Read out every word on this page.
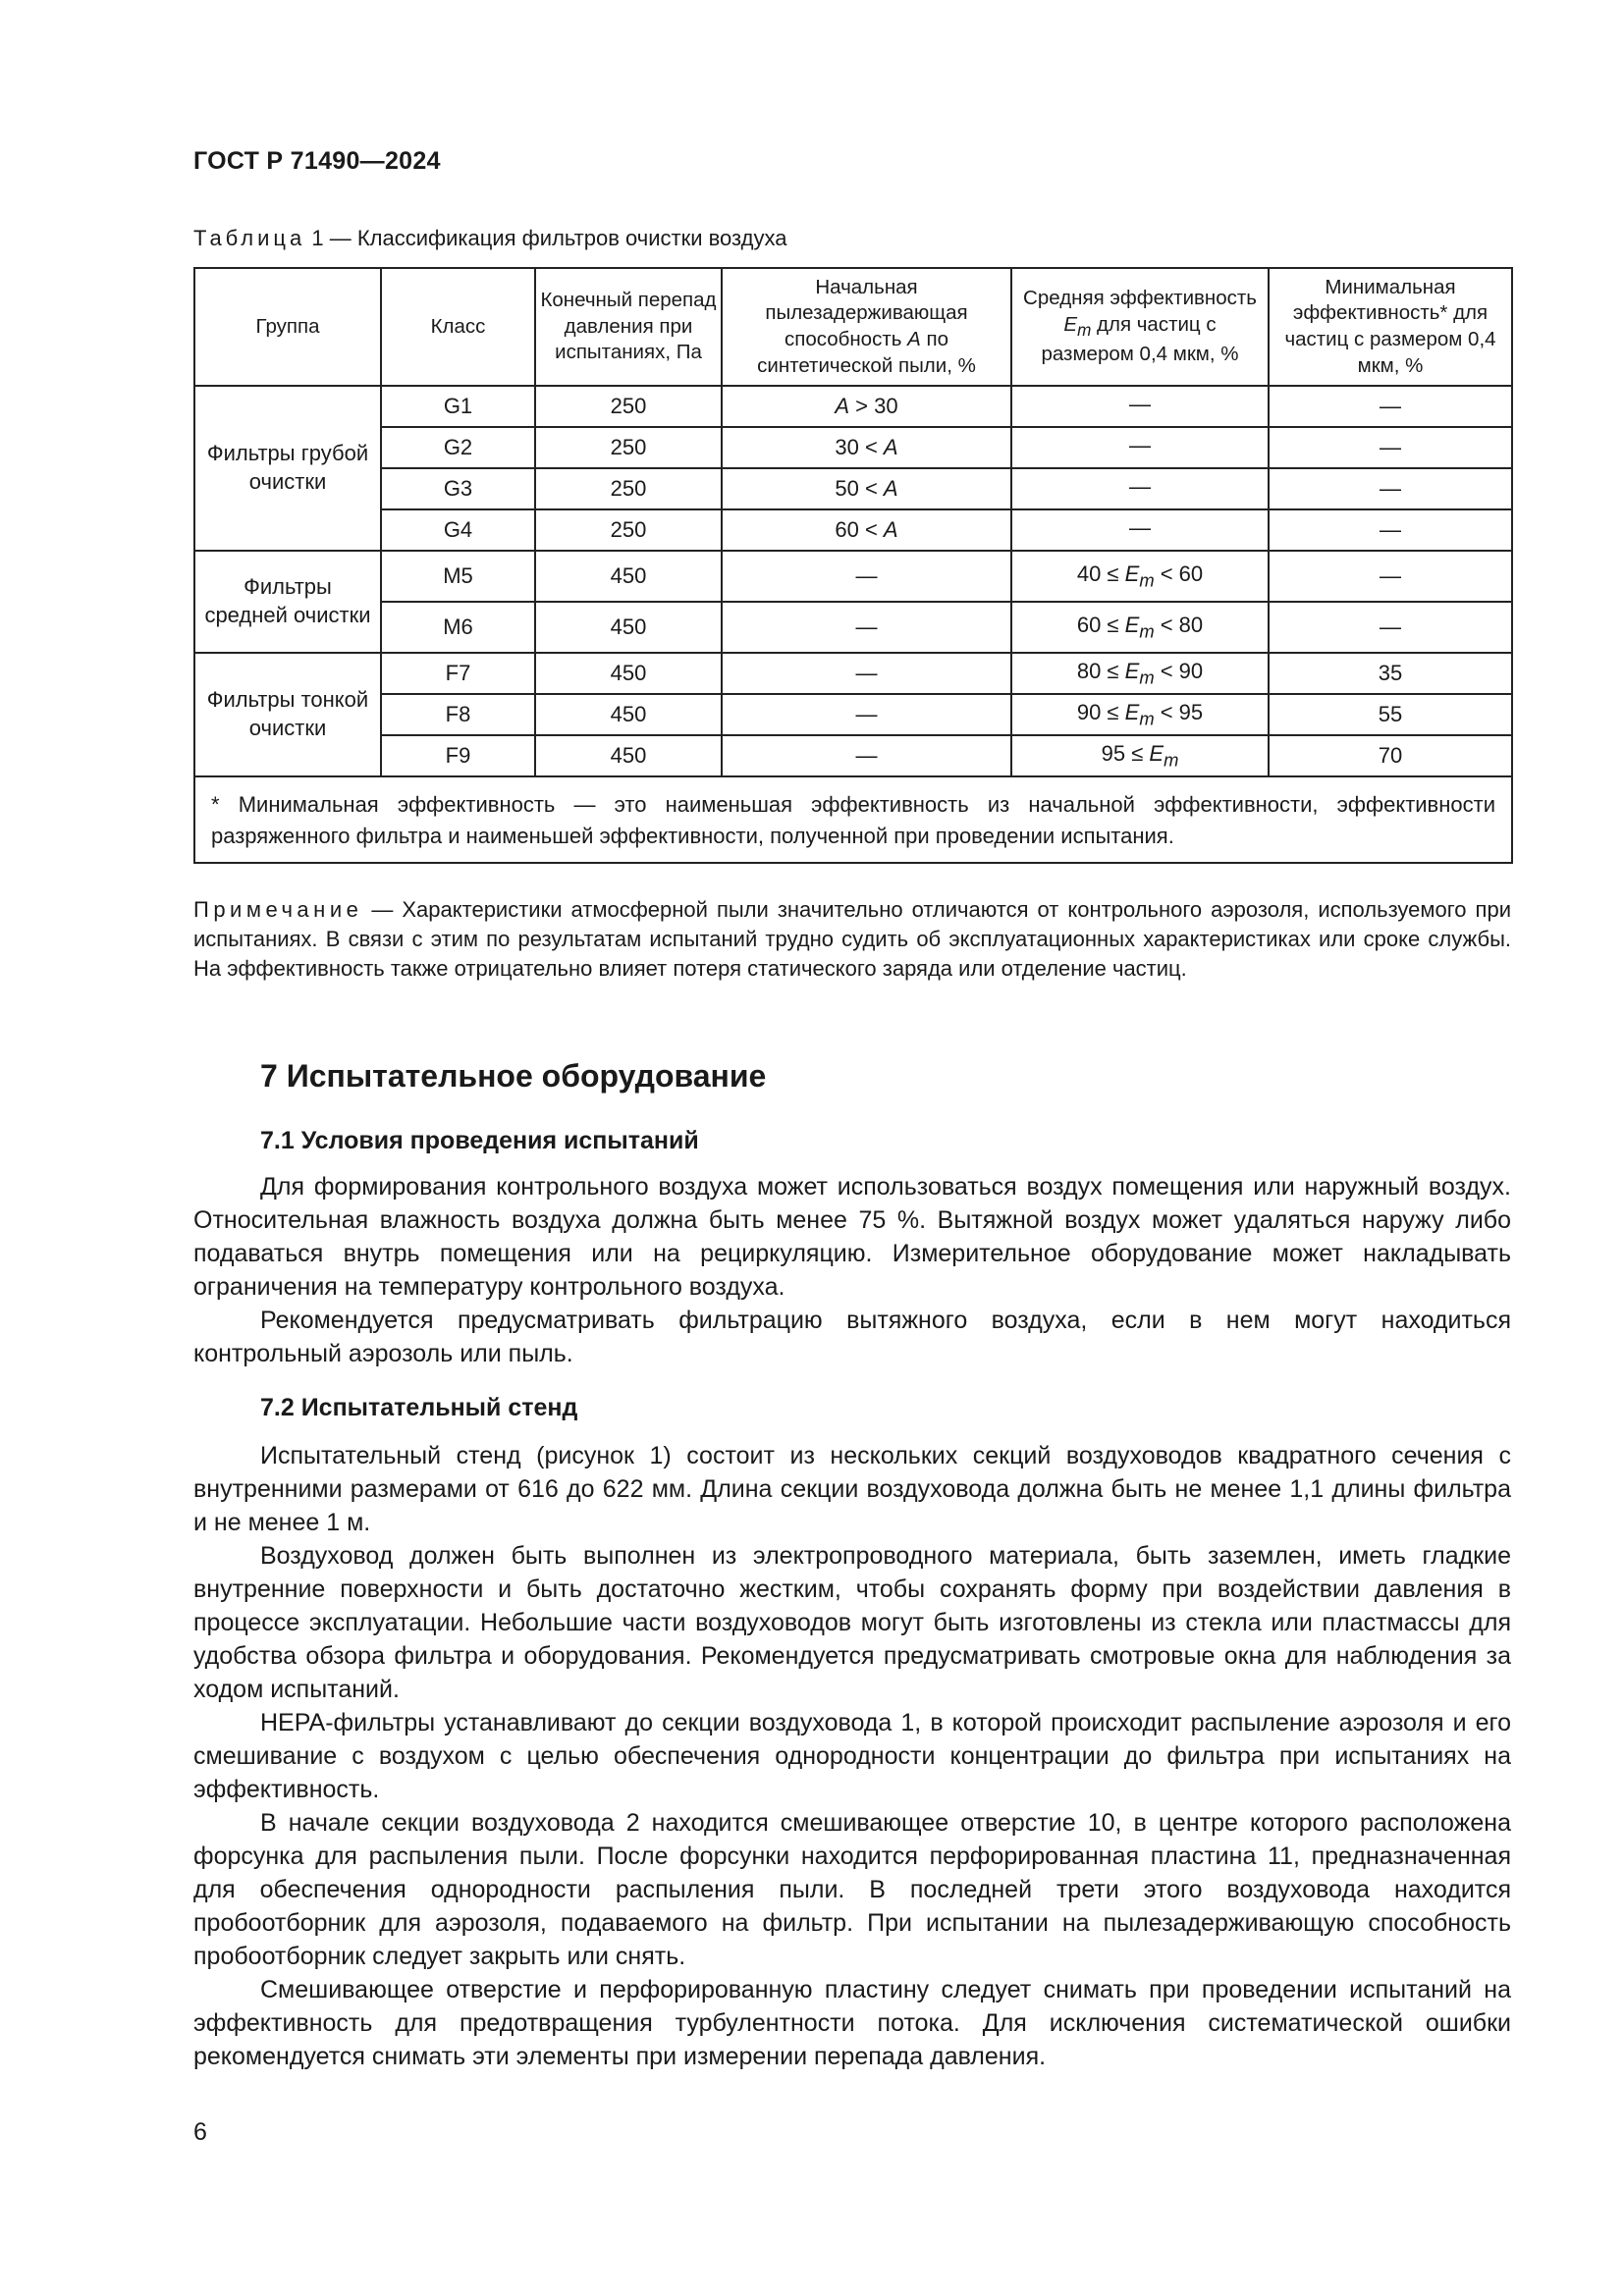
ГОСТ Р 71490—2024
Таблица 1 — Классификация фильтров очистки воздуха
Группа	Класс	Конечный перепад давления при испытаниях, Па	Начальная пылезадерживающая способность A по синтетической пыли, %	Средняя эффективность $E_m$ для частиц с размером 0,4 мкм, %	Минимальная эффективность* для частиц с размером 0,4 мкм, %
Фильтры грубой очистки	G1	250	A > 30	—	—
	G2	250	30 < A	—	—
	G3	250	50 < A	—	—
	G4	250	60 < A	—	—
Фильтры средней очистки	M5	450	—	$40 \le E_m < 60$	—
	M6	450	—	$60 \le E_m < 80$	—
Фильтры тонкой очистки	F7	450	—	$80 \le E_m < 90$	35
	F8	450	—	$90 \le E_m < 95$	55
	F9	450	—	$95 \le E_m$	70
* Минимальная эффективность — это наименьшая эффективность из начальной эффективности, эффективности разряженного фильтра и наименьшей эффективности, полученной при проведении испытания.					
Примечание — Характеристики атмосферной пыли значительно отличаются от контрольного аэрозоля, используемого при испытаниях. В связи с этим по результатам испытаний трудно судить об эксплуатационных характеристиках или сроке службы. На эффективность также отрицательно влияет потеря статического заряда или отделение частиц.
7 Испытательное оборудование
7.1 Условия проведения испытаний
Для формирования контрольного воздуха может использоваться воздух помещения или наружный воздух. Относительная влажность воздуха должна быть менее 75 %. Вытяжной воздух может удаляться наружу либо подаваться внутрь помещения или на рециркуляцию. Измерительное оборудование может накладывать ограничения на температуру контрольного воздуха.
Рекомендуется предусматривать фильтрацию вытяжного воздуха, если в нем могут находиться контрольный аэрозоль или пыль.
7.2 Испытательный стенд
Испытательный стенд (рисунок 1) состоит из нескольких секций воздуховодов квадратного сечения с внутренними размерами от 616 до 622 мм. Длина секции воздуховода должна быть не менее 1,1 длины фильтра и не менее 1 м.
Воздуховод должен быть выполнен из электропроводного материала, быть заземлен, иметь гладкие внутренние поверхности и быть достаточно жестким, чтобы сохранять форму при воздействии давления в процессе эксплуатации. Небольшие части воздуховодов могут быть изготовлены из стекла или пластмассы для удобства обзора фильтра и оборудования. Рекомендуется предусматривать смотровые окна для наблюдения за ходом испытаний.
HEPA-фильтры устанавливают до секции воздуховода 1, в которой происходит распыление аэрозоля и его смешивание с воздухом с целью обеспечения однородности концентрации до фильтра при испытаниях на эффективность.
В начале секции воздуховода 2 находится смешивающее отверстие 10, в центре которого расположена форсунка для распыления пыли. После форсунки находится перфорированная пластина 11, предназначенная для обеспечения однородности распыления пыли. В последней трети этого воздуховода находится пробоотборник для аэрозоля, подаваемого на фильтр. При испытании на пылезадерживающую способность пробоотборник следует закрыть или снять.
Смешивающее отверстие и перфорированную пластину следует снимать при проведении испытаний на эффективность для предотвращения турбулентности потока. Для исключения систематической ошибки рекомендуется снимать эти элементы при измерении перепада давления.
6
